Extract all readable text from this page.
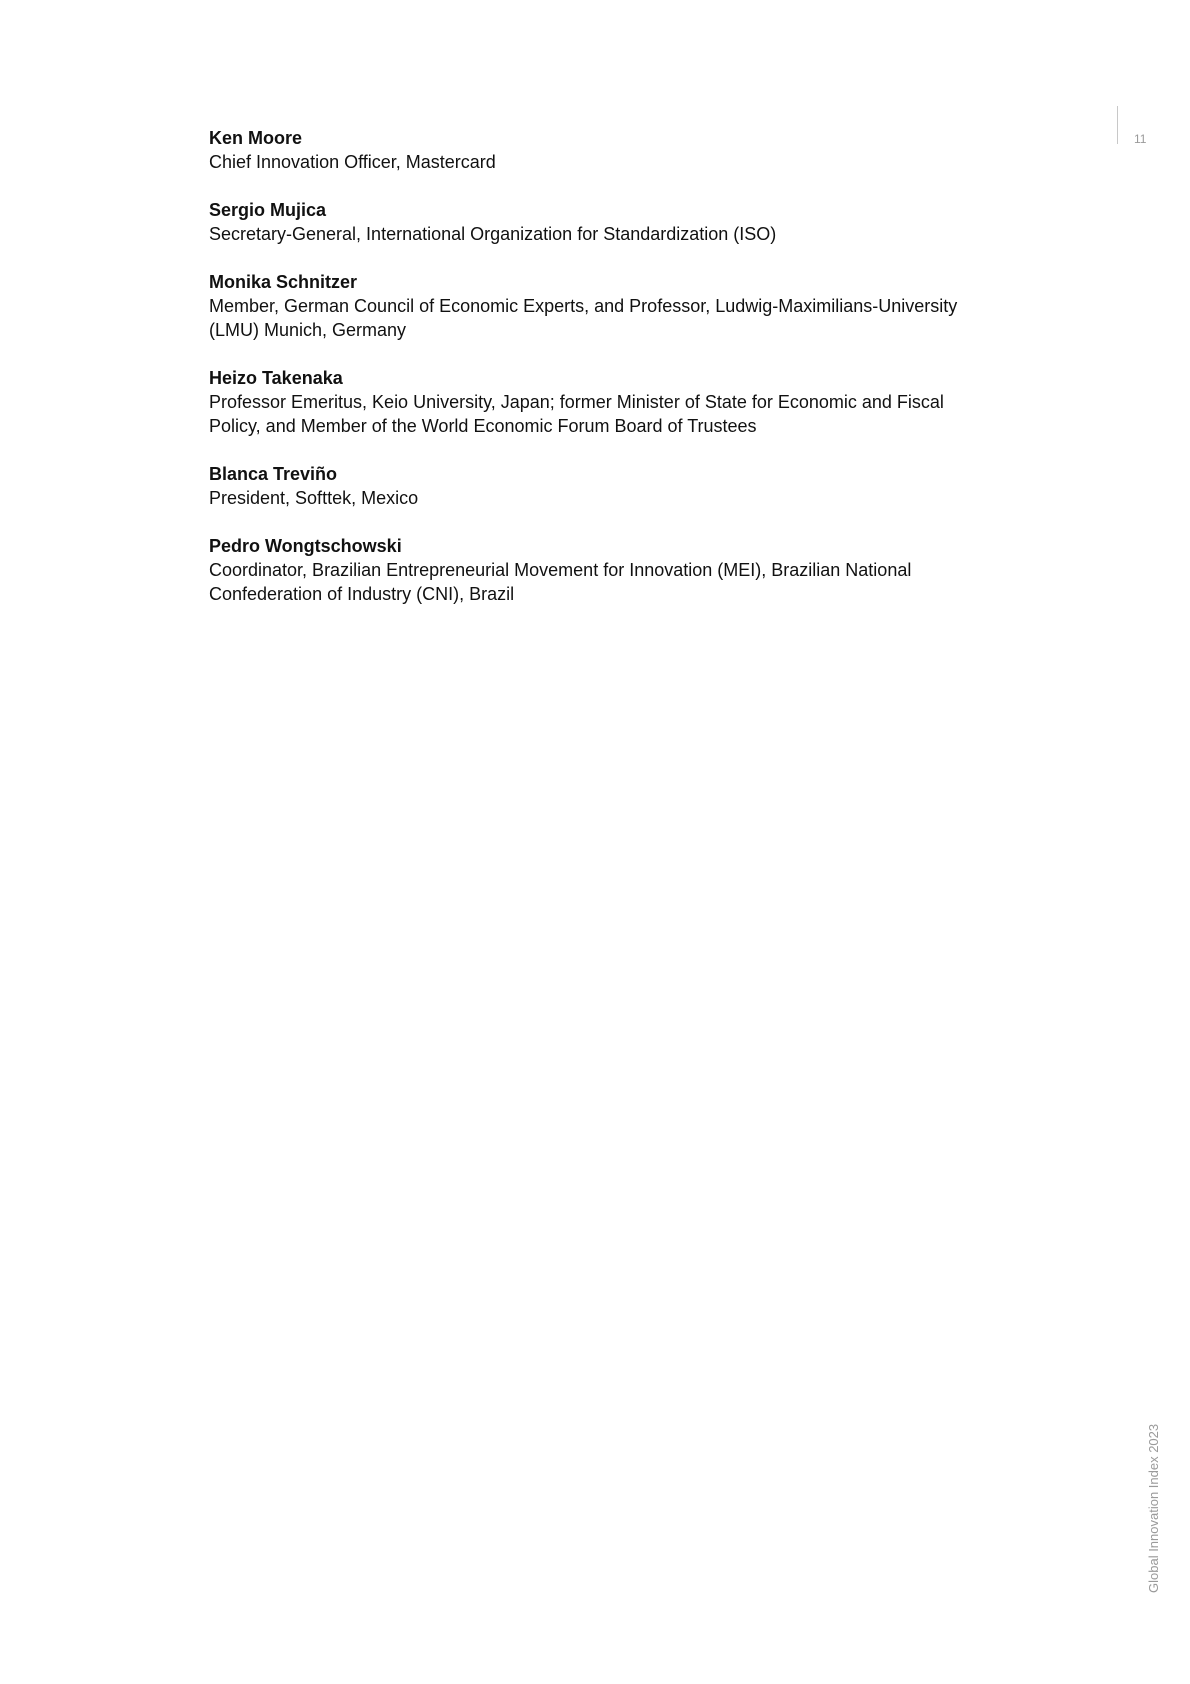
11

Ken Moore

Chief Innovation Officer, Mastercard

Sergio Mujica

Secretary-General, International Organization for Standardization (ISO)

Monika Schnitzer

Member, German Council of Economic Experts, and Professor, Ludwig-Maximilians-University (LMU) Munich, Germany

Heizo Takenaka

Professor Emeritus, Keio University, Japan; former Minister of State for Economic and Fiscal Policy, and Member of the World Economic Forum Board of Trustees

Blanca Treviño

President, Softtek, Mexico

Pedro Wongtschowski

Coordinator, Brazilian Entrepreneurial Movement for Innovation (MEI), Brazilian National Confederation of Industry (CNI), Brazil

Global Innovation Index 2023
